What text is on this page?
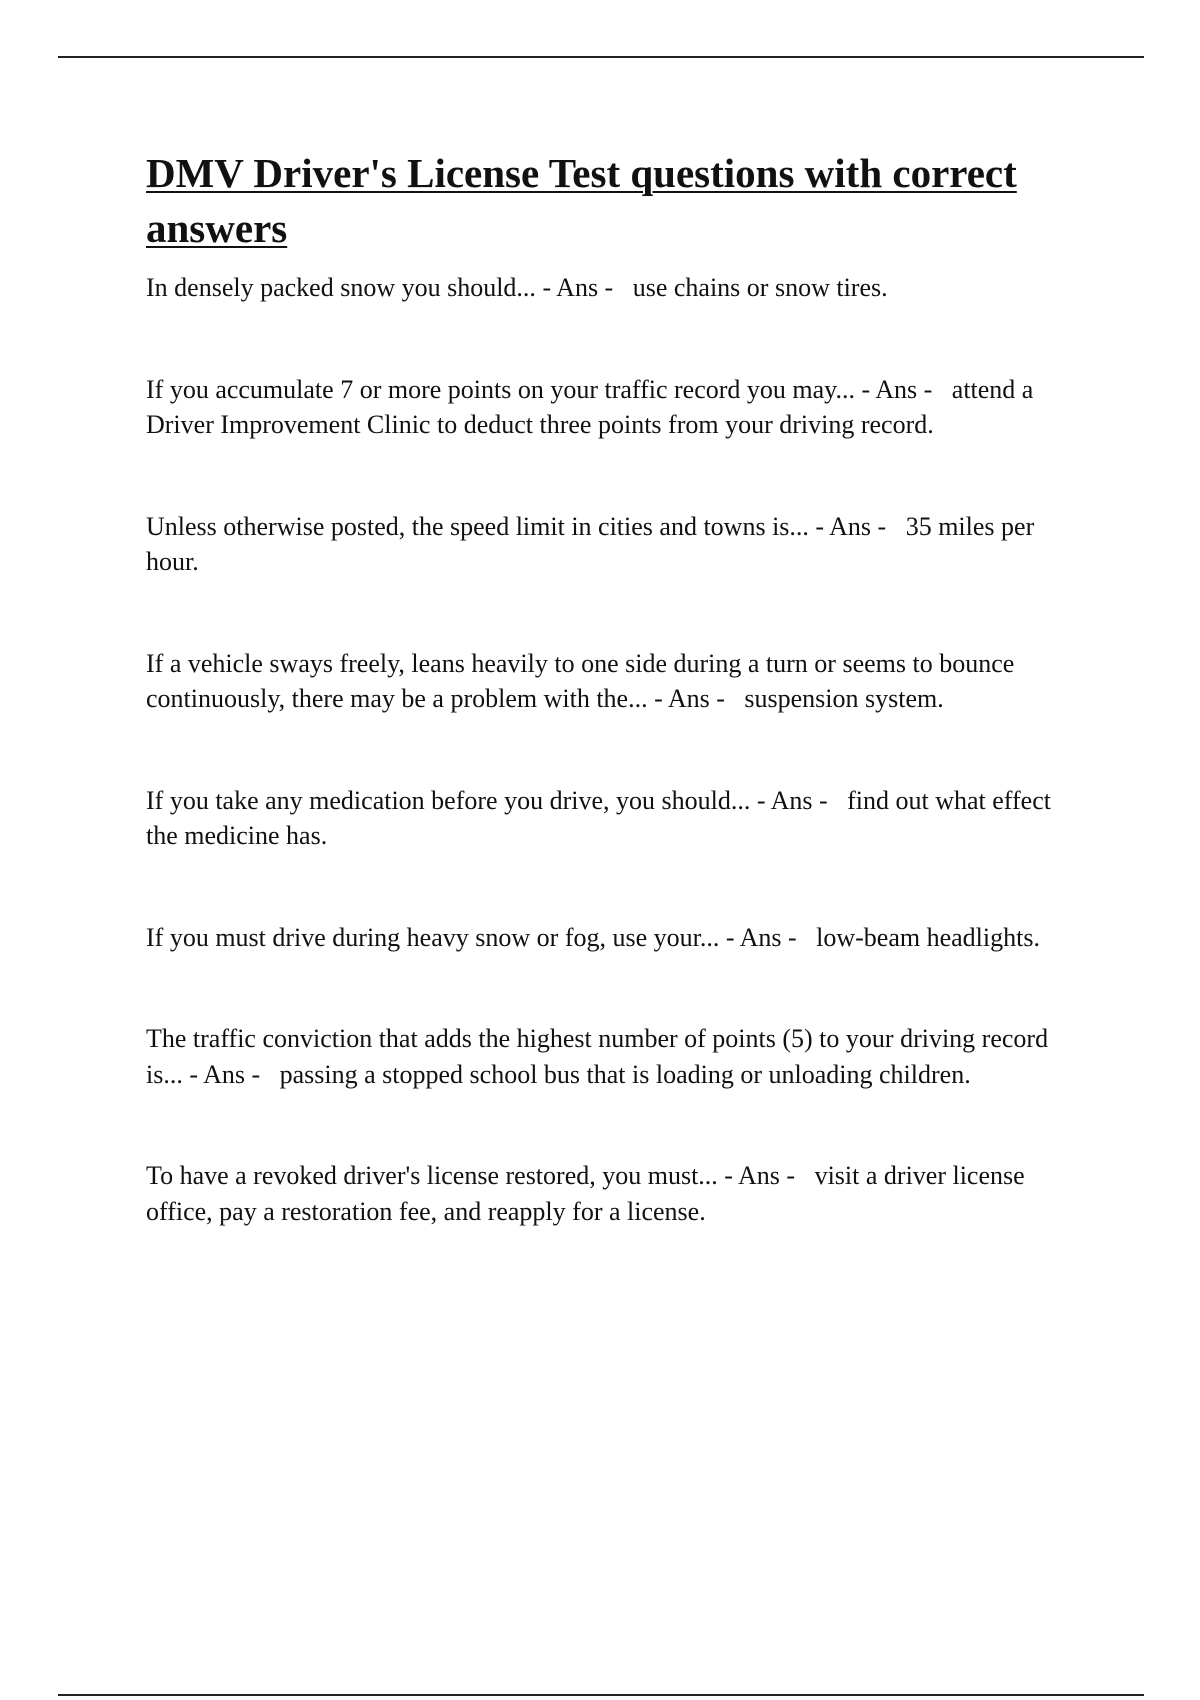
DMV Driver's License Test questions with correct answers

In densely packed snow you should... - Ans -   use chains or snow tires.

If you accumulate 7 or more points on your traffic record you may... - Ans -   attend a Driver Improvement Clinic to deduct three points from your driving record.

Unless otherwise posted, the speed limit in cities and towns is... - Ans -   35 miles per hour.

If a vehicle sways freely, leans heavily to one side during a turn or seems to bounce continuously, there may be a problem with the... - Ans -   suspension system.

If you take any medication before you drive, you should... - Ans -   find out what effect the medicine has.

If you must drive during heavy snow or fog, use your... - Ans -   low-beam headlights.

The traffic conviction that adds the highest number of points (5) to your driving record is... - Ans -   passing a stopped school bus that is loading or unloading children.

To have a revoked driver's license restored, you must... - Ans -   visit a driver license office, pay a restoration fee, and reapply for a license.
